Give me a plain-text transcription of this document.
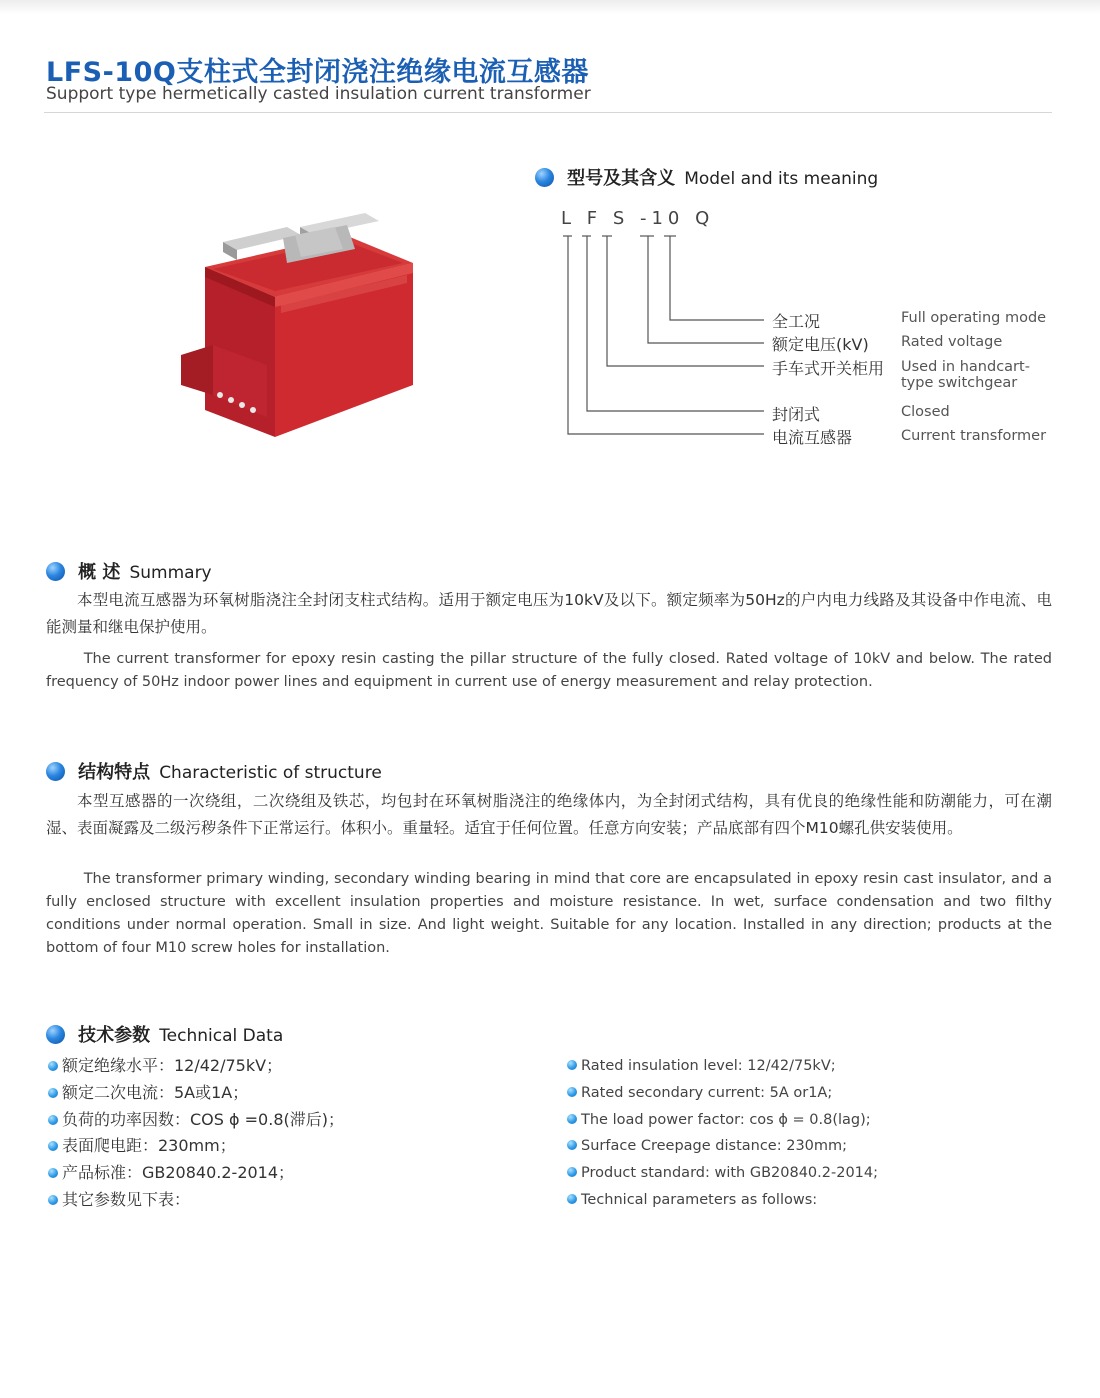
LFS-10Q支柱式全封闭浇注绝缘电流互感器
Support type hermetically casted insulation current transformer
型号及其含义 Model and its meaning
L F S -10 Q
全工况
额定电压(kV)
手车式开关柜用
封闭式
电流互感器
Full operating mode
Rated voltage
Used in handcart-type switchgear
Closed
Current transformer
概 述 Summary

本型电流互感器为环氧树脂浇注全封闭支柱式结构。适用于额定电压为10kV及以下。额定频率为50Hz的户内电力线路及其设备中作电流、电能测量和继电保护使用。

The current transformer for epoxy resin casting the pillar structure of the fully closed. Rated voltage of 10kV and below. The rated frequency of 50Hz indoor power lines and equipment in current use of energy measurement and relay protection.

结构特点 Characteristic of structure

本型互感器的一次绕组，二次绕组及铁芯，均包封在环氧树脂浇注的绝缘体内，为全封闭式结构，具有优良的绝缘性能和防潮能力，可在潮湿、表面凝露及二级污秽条件下正常运行。体积小。重量轻。适宜于任何位置。任意方向安装；产品底部有四个M10螺孔供安装使用。

The transformer primary winding, secondary winding bearing in mind that core are encapsulated in epoxy resin cast insulator, and a fully enclosed structure with excellent insulation properties and moisture resistance. In wet, surface condensation and two filthy conditions under normal operation. Small in size. And light weight. Suitable for any location. Installed in any direction; products at the bottom of four M10 screw holes for installation.

技术参数 Technical Data
额定绝缘水平：12/42/75kV；
额定二次电流：5A或1A；
负荷的功率因数：COS ϕ =0.8(滞后)；
表面爬电距：230mm；
产品标准：GB20840.2-2014；
其它参数见下表：
Rated insulation level: 12/42/75kV;
Rated secondary current: 5A or1A;
The load power factor: cos ϕ = 0.8(lag);
Surface Creepage distance: 230mm;
Product standard: with GB20840.2-2014;
Technical parameters as follows:
